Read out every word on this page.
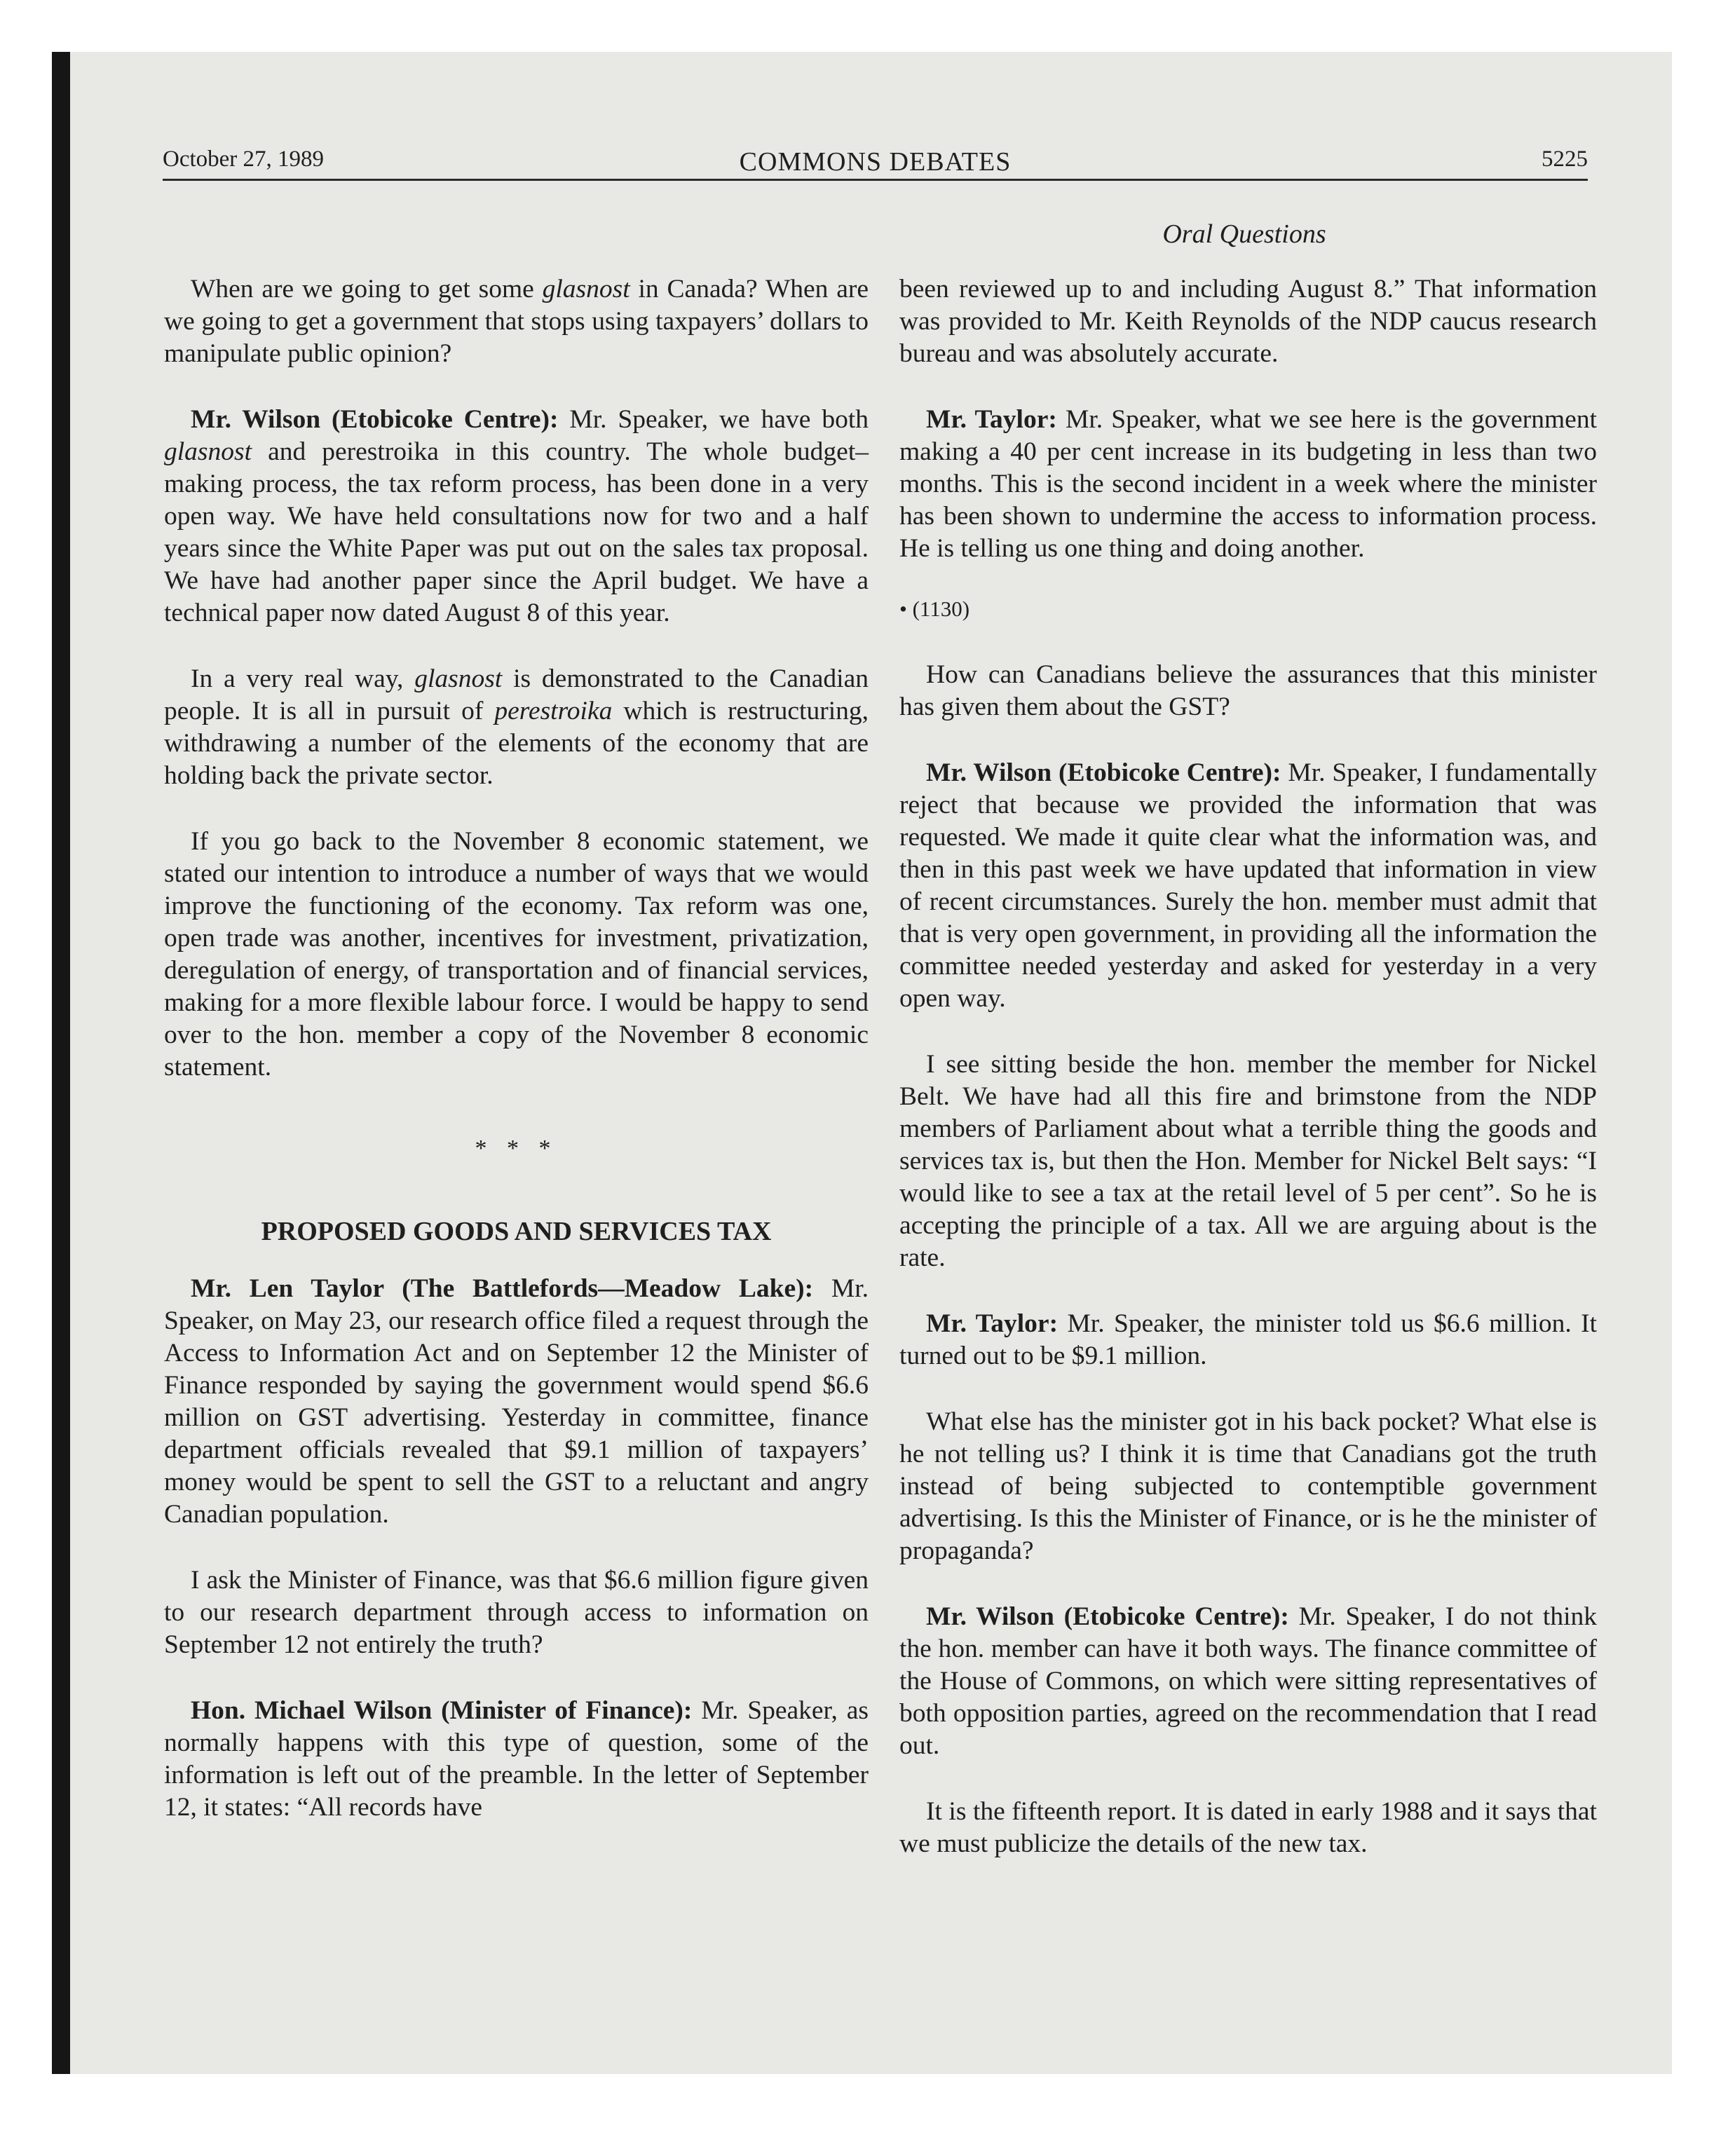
October 27, 1989	COMMONS DEBATES	5225
Oral Questions

When are we going to get some glasnost in Canada? When are we going to get a government that stops using taxpayers’ dollars to manipulate public opinion?

Mr. Wilson (Etobicoke Centre): Mr. Speaker, we have both glasnost and perestroika in this country. The whole budget–making process, the tax reform process, has been done in a very open way. We have held consultations now for two and a half years since the White Paper was put out on the sales tax proposal. We have had another paper since the April budget. We have a technical paper now dated August 8 of this year.

In a very real way, glasnost is demonstrated to the Canadian people. It is all in pursuit of perestroika which is restructuring, withdrawing a number of the elements of the economy that are holding back the private sector.

If you go back to the November 8 economic statement, we stated our intention to introduce a number of ways that we would improve the functioning of the economy. Tax reform was one, open trade was another, incentives for investment, privatization, deregulation of energy, of transportation and of financial services, making for a more flexible labour force. I would be happy to send over to the hon. member a copy of the November 8 economic statement.

* * *
PROPOSED GOODS AND SERVICES TAX

Mr. Len Taylor (The Battlefords—Meadow Lake): Mr. Speaker, on May 23, our research office filed a request through the Access to Information Act and on September 12 the Minister of Finance responded by saying the government would spend $6.6 million on GST advertising. Yesterday in committee, finance department officials revealed that $9.1 million of taxpayers’ money would be spent to sell the GST to a reluctant and angry Canadian population.

I ask the Minister of Finance, was that $6.6 million figure given to our research department through access to information on September 12 not entirely the truth?

Hon. Michael Wilson (Minister of Finance): Mr. Speaker, as normally happens with this type of question, some of the information is left out of the preamble. In the letter of September 12, it states: “All records have

been reviewed up to and including August 8.” That information was provided to Mr. Keith Reynolds of the NDP caucus research bureau and was absolutely accurate.

Mr. Taylor: Mr. Speaker, what we see here is the government making a 40 per cent increase in its budgeting in less than two months. This is the second incident in a week where the minister has been shown to undermine the access to information process. He is telling us one thing and doing another.

• (1130)

How can Canadians believe the assurances that this minister has given them about the GST?

Mr. Wilson (Etobicoke Centre): Mr. Speaker, I fundamentally reject that because we provided the information that was requested. We made it quite clear what the information was, and then in this past week we have updated that information in view of recent circumstances. Surely the hon. member must admit that that is very open government, in providing all the information the committee needed yesterday and asked for yesterday in a very open way.

I see sitting beside the hon. member the member for Nickel Belt. We have had all this fire and brimstone from the NDP members of Parliament about what a terrible thing the goods and services tax is, but then the Hon. Member for Nickel Belt says: “I would like to see a tax at the retail level of 5 per cent”. So he is accepting the principle of a tax. All we are arguing about is the rate.

Mr. Taylor: Mr. Speaker, the minister told us $6.6 million. It turned out to be $9.1 million.

What else has the minister got in his back pocket? What else is he not telling us? I think it is time that Canadians got the truth instead of being subjected to contemptible government advertising. Is this the Minister of Finance, or is he the minister of propaganda?

Mr. Wilson (Etobicoke Centre): Mr. Speaker, I do not think the hon. member can have it both ways. The finance committee of the House of Commons, on which were sitting representatives of both opposition parties, agreed on the recommendation that I read out.

It is the fifteenth report. It is dated in early 1988 and it says that we must publicize the details of the new tax.
